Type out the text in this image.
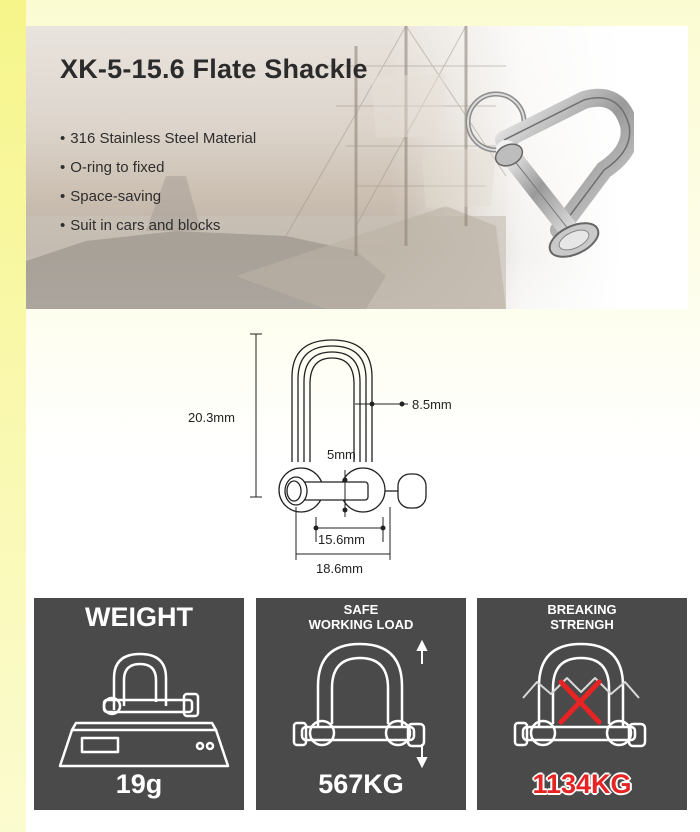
XK-5-15.6 Flate Shackle
• 316 Stainless Steel Material
• O-ring to fixed
• Space-saving
• Suit in cars and blocks
20.3mm
8.5mm
5mm
15.6mm
18.6mm
WEIGHT
19g
SAFE
WORKING LOAD
567KG
BREAKING
STRENGH
1134KG
